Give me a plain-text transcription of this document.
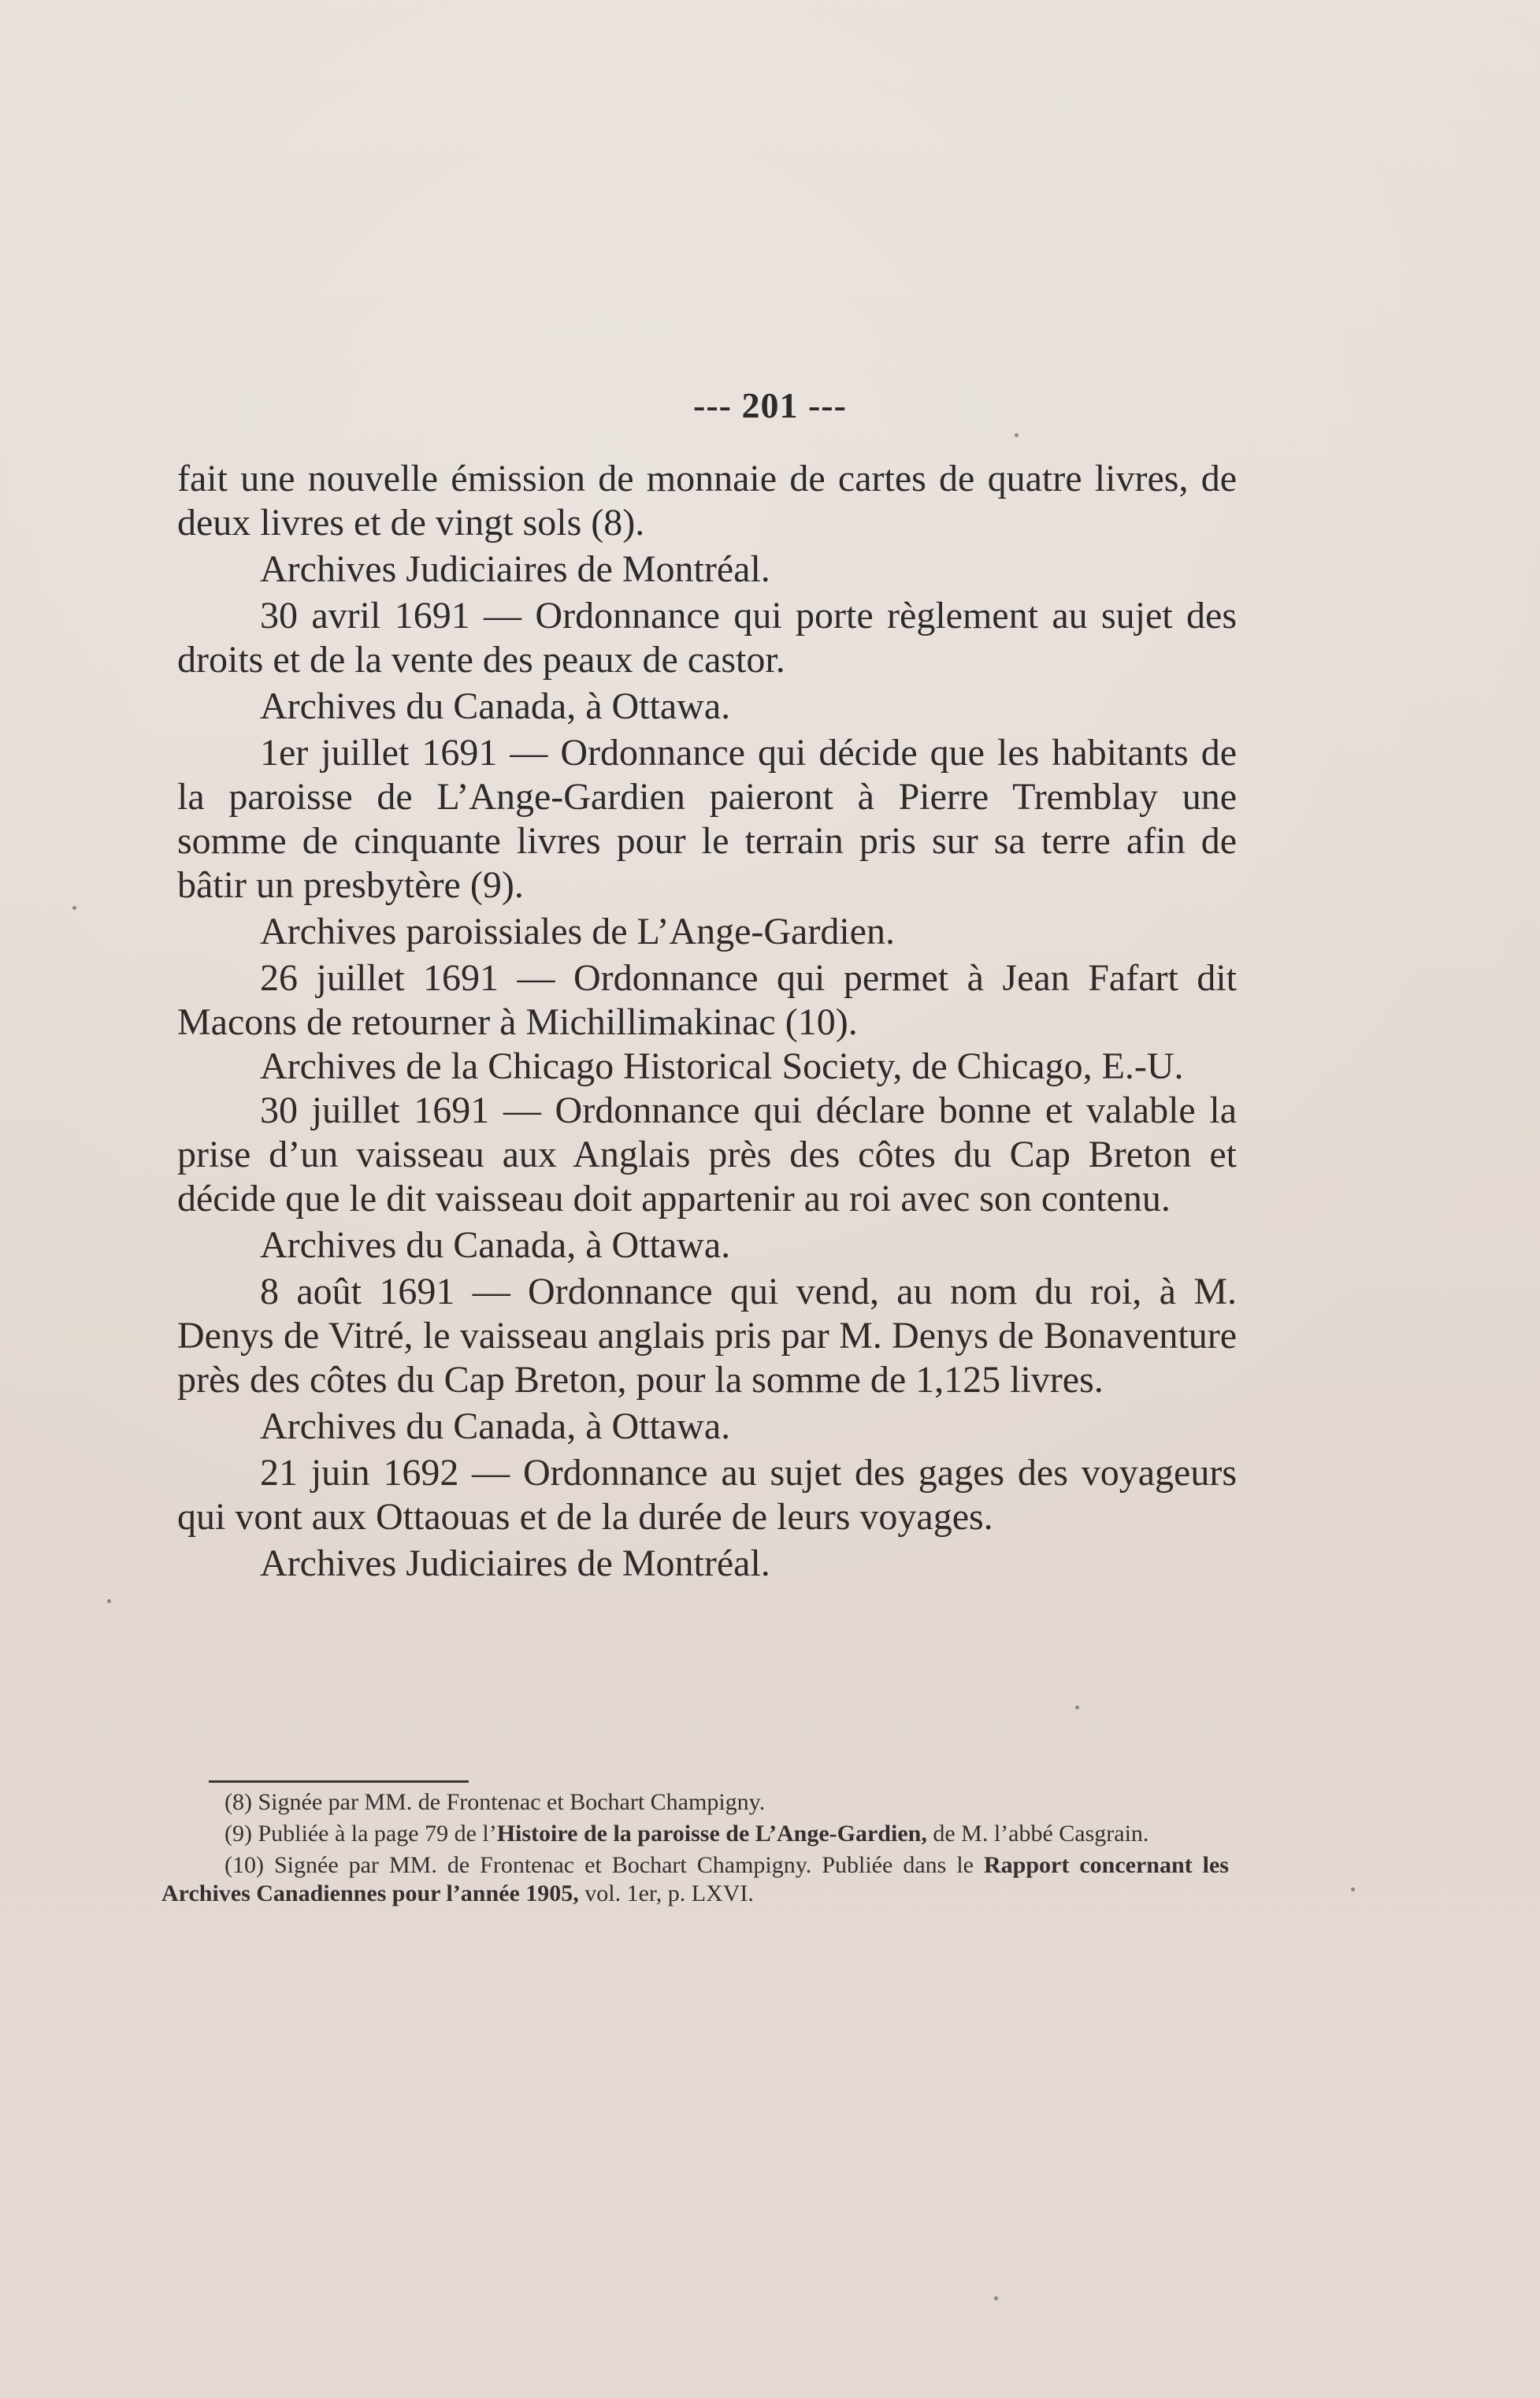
--- 201 ---

fait une nouvelle émission de monnaie de cartes de quatre livres, de deux livres et de vingt sols (8).

Archives Judiciaires de Montréal.

30 avril 1691 — Ordonnance qui porte règlement au sujet des droits et de la vente des peaux de castor.

Archives du Canada, à Ottawa.

1er juillet 1691 — Ordonnance qui décide que les habitants de la paroisse de L’Ange-Gardien paieront à Pierre Tremblay une somme de cinquante livres pour le terrain pris sur sa terre afin de bâtir un presbytère (9).

Archives paroissiales de L’Ange-Gardien.

26 juillet 1691 — Ordonnance qui permet à Jean Fafart dit Macons de retourner à Michillimakinac (10).

Archives de la Chicago Historical Society, de Chicago, E.-U.

30 juillet 1691 — Ordonnance qui déclare bonne et valable la prise d’un vaisseau aux Anglais près des côtes du Cap Breton et décide que le dit vaisseau doit appartenir au roi avec son contenu.

Archives du Canada, à Ottawa.

8 août 1691 — Ordonnance qui vend, au nom du roi, à M. Denys de Vitré, le vaisseau anglais pris par M. Denys de Bonaventure près des côtes du Cap Breton, pour la somme de 1,125 livres.

Archives du Canada, à Ottawa.

21 juin 1692 — Ordonnance au sujet des gages des voyageurs qui vont aux Ottaouas et de la durée de leurs voyages.

Archives Judiciaires de Montréal.

(8) Signée par MM. de Frontenac et Bochart Champigny.

(9) Publiée à la page 79 de l’Histoire de la paroisse de L’Ange-Gardien, de M. l’abbé Casgrain.

(10) Signée par MM. de Frontenac et Bochart Champigny. Publiée dans le Rapport concernant les Archives Canadiennes pour l’année 1905, vol. 1er, p. LXVI.
